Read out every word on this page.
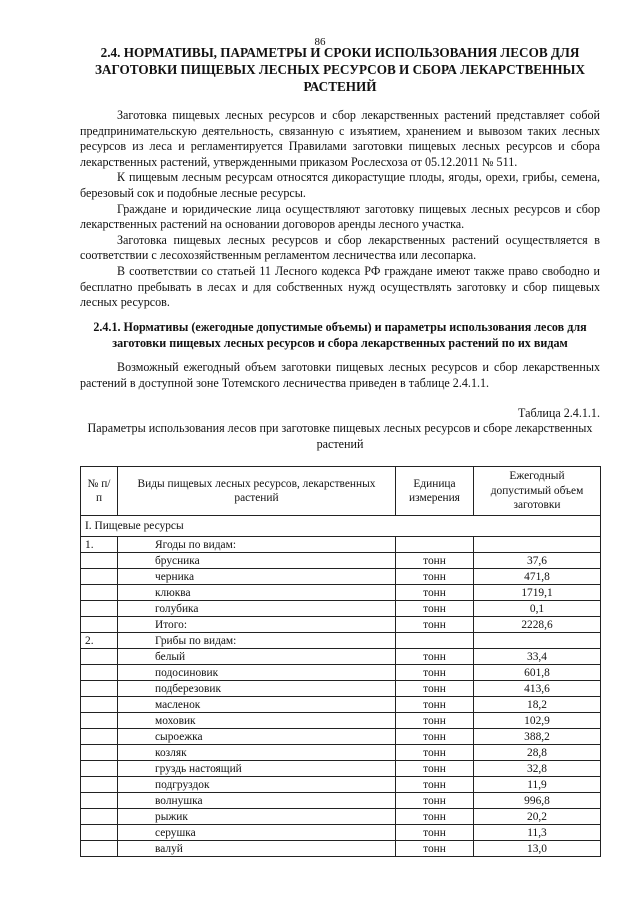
86
2.4. НОРМАТИВЫ, ПАРАМЕТРЫ И СРОКИ ИСПОЛЬЗОВАНИЯ ЛЕСОВ ДЛЯ ЗАГОТОВКИ ПИЩЕВЫХ ЛЕСНЫХ РЕСУРСОВ И СБОРА ЛЕКАРСТВЕННЫХ РАСТЕНИЙ

Заготовка пищевых лесных ресурсов и сбор лекарственных растений представляет собой предпринимательскую деятельность, связанную с изъятием, хранением и вывозом таких лесных ресурсов из леса и регламентируется Правилами заготовки пищевых лесных ресурсов и сбора лекарственных растений, утвержденными приказом Рослесхоза от 05.12.2011 № 511.

К пищевым лесным ресурсам относятся дикорастущие плоды, ягоды, орехи, грибы, семена, березовый сок и подобные лесные ресурсы.

Граждане и юридические лица осуществляют заготовку пищевых лесных ресурсов и сбор лекарственных растений на основании договоров аренды лесного участка.

Заготовка пищевых лесных ресурсов и сбор лекарственных растений осуществляется в соответствии с лесохозяйственным регламентом лесничества или лесопарка.

В соответствии со статьей 11 Лесного кодекса РФ граждане имеют также право свободно и бесплатно пребывать в лесах и для собственных нужд осуществлять заготовку и сбор пищевых лесных ресурсов.

2.4.1. Нормативы (ежегодные допустимые объемы) и параметры использования лесов для заготовки пищевых лесных ресурсов и сбора лекарственных растений по их видам

Возможный ежегодный объем заготовки пищевых лесных ресурсов и сбор лекарственных растений в доступной зоне Тотемского лесничества приведен в таблице 2.4.1.1.

Таблица 2.4.1.1.
Параметры использования лесов при заготовке пищевых лесных ресурсов и сборе лекарственных растений
№ п/п	Виды пищевых лесных ресурсов, лекарственных растений	Единица измерения	Ежегодный допустимый объем заготовки
I. Пищевые ресурсы			
1.	Ягоды по видам:		
	брусника	тонн	37,6
	черника	тонн	471,8
	клюква	тонн	1719,1
	голубика	тонн	0,1
	Итого:	тонн	2228,6
2.	Грибы по видам:		
	белый	тонн	33,4
	подосиновик	тонн	601,8
	подберезовик	тонн	413,6
	масленок	тонн	18,2
	моховик	тонн	102,9
	сыроежка	тонн	388,2
	козляк	тонн	28,8
	груздь настоящий	тонн	32,8
	подгруздок	тонн	11,9
	волнушка	тонн	996,8
	рыжик	тонн	20,2
	серушка	тонн	11,3
	валуй	тонн	13,0
